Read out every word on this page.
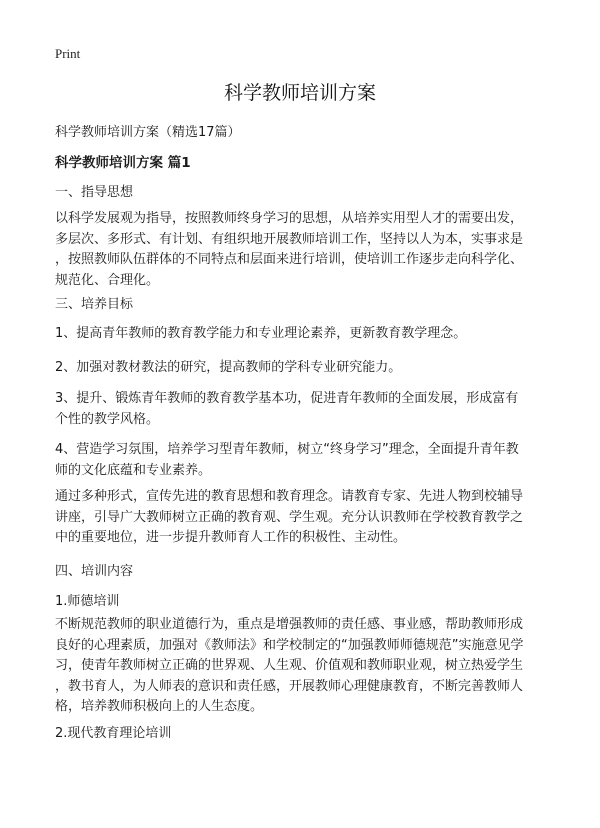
Print
科学教师培训方案
科学教师培训方案（精选17篇）
科学教师培训方案 篇1
一、指导思想
以科学发展观为指导，按照教师终身学习的思想，从培养实用型人才的需要出发，
多层次、多形式、有计划、有组织地开展教师培训工作，坚持以人为本，实事求是
，按照教师队伍群体的不同特点和层面来进行培训，使培训工作逐步走向科学化、
规范化、合理化。
三、培养目标
1、提高青年教师的教育教学能力和专业理论素养，更新教育教学理念。
2、加强对教材教法的研究，提高教师的学科专业研究能力。
3、提升、锻炼青年教师的教育教学基本功，促进青年教师的全面发展，形成富有
个性的教学风格。
4、营造学习氛围，培养学习型青年教师，树立“终身学习”理念，全面提升青年教
师的文化底蕴和专业素养。
通过多种形式，宣传先进的教育思想和教育理念。请教育专家、先进人物到校辅导
讲座，引导广大教师树立正确的教育观、学生观。充分认识教师在学校教育教学之
中的重要地位，进一步提升教师育人工作的积极性、主动性。
四、培训内容
1.师德培训
不断规范教师的职业道德行为，重点是增强教师的责任感、事业感，帮助教师形成
良好的心理素质，加强对《教师法》和学校制定的“加强教师师德规范”实施意见学
习，使青年教师树立正确的世界观、人生观、价值观和教师职业观，树立热爱学生
，教书育人，为人师表的意识和责任感，开展教师心理健康教育，不断完善教师人
格，培养教师积极向上的人生态度。
2.现代教育理论培训
